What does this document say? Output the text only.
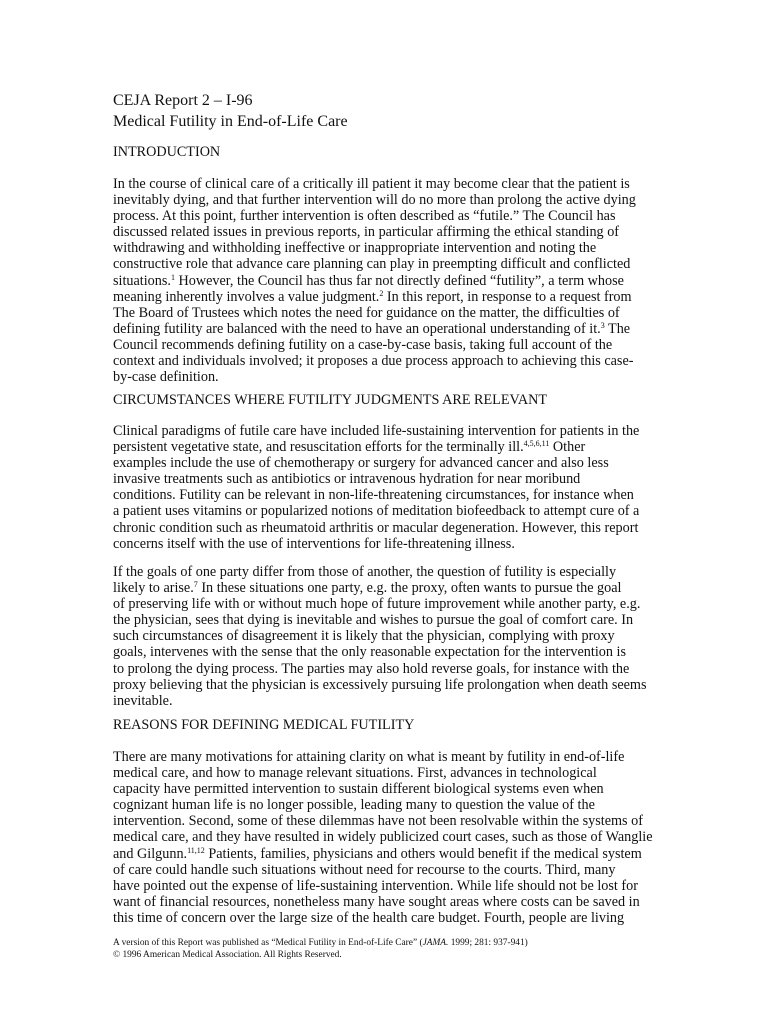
CEJA Report 2 – I-96
Medical Futility in End-of-Life Care
INTRODUCTION
In the course of clinical care of a critically ill patient it may become clear that the patient is
inevitably dying, and that further intervention will do no more than prolong the active dying
process. At this point, further intervention is often described as “futile.” The Council has
discussed related issues in previous reports, in particular affirming the ethical standing of
withdrawing and withholding ineffective or inappropriate intervention and noting the
constructive role that advance care planning can play in preempting difficult and conflicted
situations.$^1$ However, the Council has thus far not directly defined “futility”, a term whose
meaning inherently involves a value judgment.$^2$ In this report, in response to a request from
The Board of Trustees which notes the need for guidance on the matter, the difficulties of
defining futility are balanced with the need to have an operational understanding of it.$^3$ The
Council recommends defining futility on a case-by-case basis, taking full account of the
context and individuals involved; it proposes a due process approach to achieving this case-
by-case definition.
CIRCUMSTANCES WHERE FUTILITY JUDGMENTS ARE RELEVANT
Clinical paradigms of futile care have included life-sustaining intervention for patients in the
persistent vegetative state, and resuscitation efforts for the terminally ill.$^{4,5,6,11}$ Other
examples include the use of chemotherapy or surgery for advanced cancer and also less
invasive treatments such as antibiotics or intravenous hydration for near moribund
conditions. Futility can be relevant in non-life-threatening circumstances, for instance when
a patient uses vitamins or popularized notions of meditation biofeedback to attempt cure of a
chronic condition such as rheumatoid arthritis or macular degeneration. However, this report
concerns itself with the use of interventions for life-threatening illness.
If the goals of one party differ from those of another, the question of futility is especially
likely to arise.$^7$ In these situations one party, e.g. the proxy, often wants to pursue the goal
of preserving life with or without much hope of future improvement while another party, e.g.
the physician, sees that dying is inevitable and wishes to pursue the goal of comfort care. In
such circumstances of disagreement it is likely that the physician, complying with proxy
goals, intervenes with the sense that the only reasonable expectation for the intervention is
to prolong the dying process. The parties may also hold reverse goals, for instance with the
proxy believing that the physician is excessively pursuing life prolongation when death seems
inevitable.
REASONS FOR DEFINING MEDICAL FUTILITY
There are many motivations for attaining clarity on what is meant by futility in end-of-life
medical care, and how to manage relevant situations. First, advances in technological
capacity have permitted intervention to sustain different biological systems even when
cognizant human life is no longer possible, leading many to question the value of the
intervention. Second, some of these dilemmas have not been resolvable within the systems of
medical care, and they have resulted in widely publicized court cases, such as those of Wanglie
and Gilgunn.$^{11,12}$ Patients, families, physicians and others would benefit if the medical system
of care could handle such situations without need for recourse to the courts. Third, many
have pointed out the expense of life-sustaining intervention. While life should not be lost for
want of financial resources, nonetheless many have sought areas where costs can be saved in
this time of concern over the large size of the health care budget. Fourth, people are living
A version of this Report was published as “Medical Futility in End-of-Life Care” (JAMA. 1999; 281: 937-941)
© 1996 American Medical Association. All Rights Reserved.
